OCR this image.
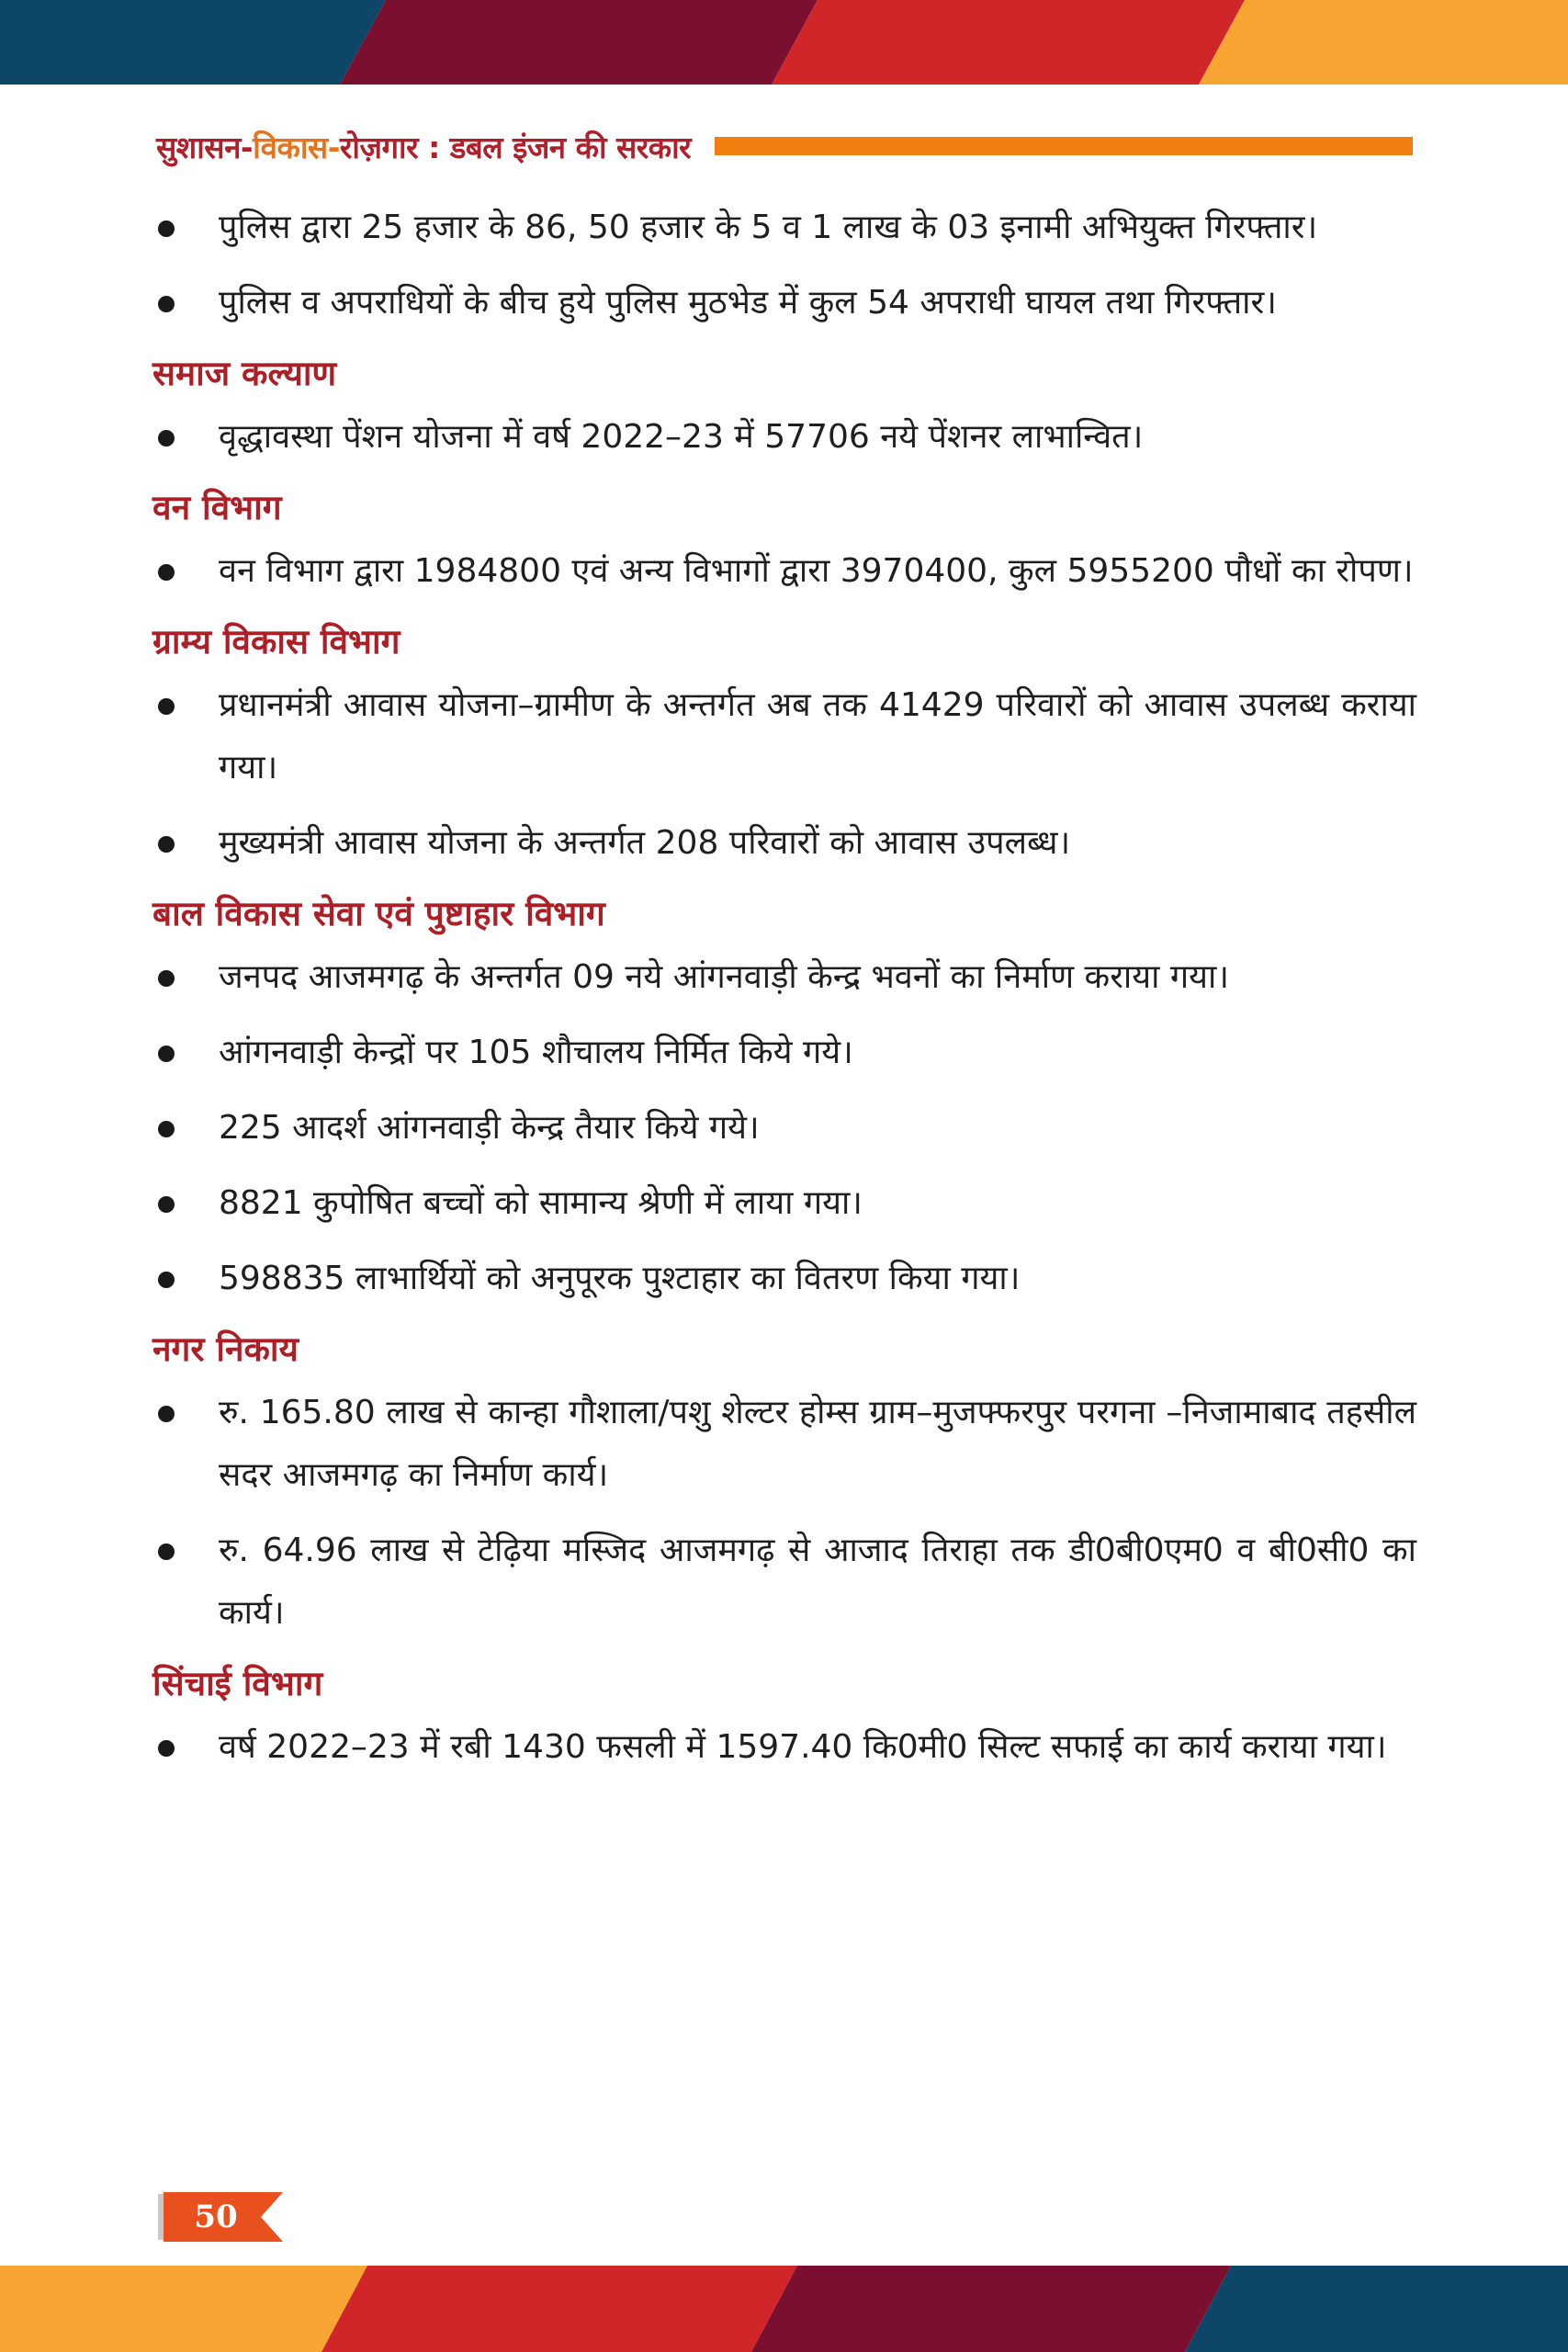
सुशासन-विकास-रोज़गार : डबल इंजन की सरकार
पुलिस द्वारा 25 हजार के 86, 50 हजार के 5 व 1 लाख के 03 इनामी अभियुक्त गिरफ्तार।
पुलिस व अपराधियों के बीच हुये पुलिस मुठभेड में कुल 54 अपराधी घायल तथा गिरफ्तार।
समाज कल्याण
वृद्धावस्था पेंशन योजना में वर्ष 2022–23 में 57706 नये पेंशनर लाभान्वित।
वन विभाग
वन विभाग द्वारा 1984800 एवं अन्य विभागों द्वारा 3970400, कुल 5955200 पौधों का रोपण।
ग्राम्य विकास विभाग
प्रधानमंत्री आवास योजना–ग्रामीण के अन्तर्गत अब तक 41429 परिवारों को आवास उपलब्ध कराया गया।
मुख्यमंत्री आवास योजना के अन्तर्गत 208 परिवारों को आवास उपलब्ध।
बाल विकास सेवा एवं पुष्टाहार विभाग
जनपद आजमगढ़ के अन्तर्गत 09 नये आंगनवाड़ी केन्द्र भवनों का निर्माण कराया गया।
आंगनवाड़ी केन्द्रों पर 105 शौचालय निर्मित किये गये।
225 आदर्श आंगनवाड़ी केन्द्र तैयार किये गये।
8821 कुपोषित बच्चों को सामान्य श्रेणी में लाया गया।
598835 लाभार्थियों को अनुपूरक पुश्टाहार का वितरण किया गया।
नगर निकाय
रु. 165.80 लाख से कान्हा गौशाला/पशु शेल्टर होम्स ग्राम–मुजफ्फरपुर परगना –निजामाबाद तहसील सदर आजमगढ़ का निर्माण कार्य।
रु. 64.96 लाख से टेढ़िया मस्जिद आजमगढ़ से आजाद तिराहा तक डी0बी0एम0 व बी0सी0 का कार्य।
सिंचाई विभाग
वर्ष 2022–23 में रबी 1430 फसली में 1597.40 कि0मी0 सिल्ट सफाई का कार्य कराया गया।
50
